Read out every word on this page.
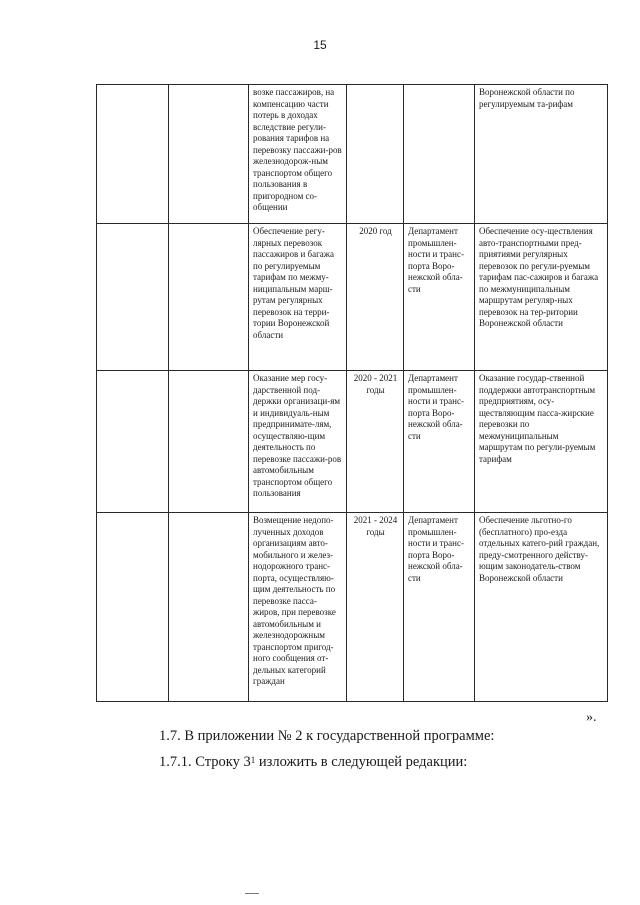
15
		возке пассажиров, на компенсацию части потерь в доходах вследствие регули-рования тарифов на перевозку пассажи-ров железнодорож-ным транспортом общего пользования в пригородном со-общении			Воронежской области по регулируемым та-рифам
		Обеспечение регу-лярных перевозок пассажиров и багажа по регулируемым тарифам по межму-ниципальным марш-рутам регулярных перевозок на терри-тории Воронежской области	2020 год	Департамент промышлен-ности и транс-порта Воро-нежской обла-сти	Обеспечение осу-ществления авто-транспортными пред-приятиями регулярных перевозок по регули-руемым тарифам пас-сажиров и багажа по межмуниципальным маршрутам регуляр-ных перевозок на тер-ритории Воронежской области
		Оказание мер госу-дарственной под-держки организаци-ям и индивидуаль-ным предпринимате-лям, осуществляю-щим деятельность по перевозке пассажи-ров автомобильным транспортом общего пользования	2020 - 2021 годы	Департамент промышлен-ности и транс-порта Воро-нежской обла-сти	Оказание государ-ственной поддержки автотранспортным предприятиям, осу-ществляющим пасса-жирские перевозки по межмуниципальным маршрутам по регули-руемым тарифам
		Возмещение недопо-лученных доходов организациям авто-мобильного и желез-нодорожного транс-порта, осуществляю-щим деятельность по перевозке пасса-жиров, при перевозке автомобильным и железнодорожным транспортом пригод-ного сообщения от-дельных категорий граждан	2021 - 2024 годы	Департамент промышлен-ности и транс-порта Воро-нежской обла-сти	Обеспечение льготно-го (бесплатного) про-езда отдельных катего-рий граждан, преду-смотренного действу-ющим законодатель-ством Воронежской области
».
1.7. В приложении № 2 к государственной программе:
1.7.1. Строку $3^1$ изложить в следующей редакции:
